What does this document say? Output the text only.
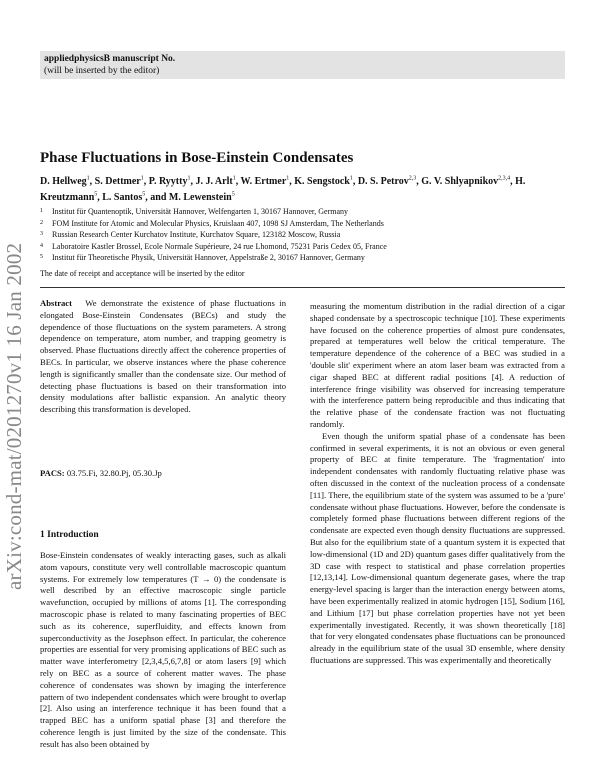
appliedphysicsB manuscript No.
(will be inserted by the editor)
arXiv:cond-mat/0201270v1 16 Jan 2002
Phase Fluctuations in Bose-Einstein Condensates
D. Hellweg$^1$, S. Dettmer$^1$, P. Ryytty$^1$, J. J. Arlt$^1$, W. Ertmer$^1$, K. Sengstock$^1$, D. S. Petrov$^{2,3}$, G. V. Shlyapnikov$^{2,3,4}$, H. Kreutzmann$^5$, L. Santos$^5$, and M. Lewenstein$^5$
1 Institut für Quantenoptik, Universität Hannover, Welfengarten 1, 30167 Hannover, Germany
2 FOM Institute for Atomic and Molecular Physics, Kruislaan 407, 1098 SJ Amsterdam, The Netherlands
3 Russian Research Center Kurchatov Institute, Kurchatov Square, 123182 Moscow, Russia
4 Laboratoire Kastler Brossel, Ecole Normale Supérieure, 24 rue Lhomond, 75231 Paris Cedex 05, France
5 Institut für Theoretische Physik, Universität Hannover, Appelstraße 2, 30167 Hannover, Germany
The date of receipt and acceptance will be inserted by the editor

Abstract We demonstrate the existence of phase fluctuations in elongated Bose-Einstein Condensates (BECs) and study the dependence of those fluctuations on the system parameters. A strong dependence on temperature, atom number, and trapping geometry is observed. Phase fluctuations directly affect the coherence properties of BECs. In particular, we observe instances where the phase coherence length is significantly smaller than the condensate size. Our method of detecting phase fluctuations is based on their transformation into density modulations after ballistic expansion. An analytic theory describing this transformation is developed.

PACS: 03.75.Fi, 32.80.Pj, 05.30.Jp
1 Introduction

Bose-Einstein condensates of weakly interacting gases, such as alkali atom vapours, constitute very well controllable macroscopic quantum systems. For extremely low temperatures (T → 0) the condensate is well described by an effective macroscopic single particle wavefunction, occupied by millions of atoms [1]. The corresponding macroscopic phase is related to many fascinating properties of BEC such as its coherence, superfluidity, and effects known from superconductivity as the Josephson effect. In particular, the coherence properties are essential for very promising applications of BEC such as matter wave interferometry [2,3,4,5,6,7,8] or atom lasers [9] which rely on BEC as a source of coherent matter waves. The phase coherence of condensates was shown by imaging the interference pattern of two independent condensates which were brought to overlap [2]. Also using an interference technique it has been found that a trapped BEC has a uniform spatial phase [3] and therefore the coherence length is just limited by the size of the condensate. This result has also been obtained by

measuring the momentum distribution in the radial direction of a cigar shaped condensate by a spectroscopic technique [10]. These experiments have focused on the coherence properties of almost pure condensates, prepared at temperatures well below the critical temperature. The temperature dependence of the coherence of a BEC was studied in a 'double slit' experiment where an atom laser beam was extracted from a cigar shaped BEC at different radial positions [4]. A reduction of interference fringe visibility was observed for increasing temperature with the interference pattern being reproducible and thus indicating that the relative phase of the condensate fraction was not fluctuating randomly.

Even though the uniform spatial phase of a condensate has been confirmed in several experiments, it is not an obvious or even general property of BEC at finite temperature. The 'fragmentation' into independent condensates with randomly fluctuating relative phase was often discussed in the context of the nucleation process of a condensate [11]. There, the equilibrium state of the system was assumed to be a 'pure' condensate without phase fluctuations. However, before the condensate is completely formed phase fluctuations between different regions of the condensate are expected even though density fluctuations are suppressed. But also for the equilibrium state of a quantum system it is expected that low-dimensional (1D and 2D) quantum gases differ qualitatively from the 3D case with respect to statistical and phase correlation properties [12,13,14]. Low-dimensional quantum degenerate gases, where the trap energy-level spacing is larger than the interaction energy between atoms, have been experimentally realized in atomic hydrogen [15], Sodium [16], and Lithium [17] but phase correlation properties have not yet been experimentally investigated. Recently, it was shown theoretically [18] that for very elongated condensates phase fluctuations can be pronounced already in the equilibrium state of the usual 3D ensemble, where density fluctuations are suppressed. This was experimentally and theoretically
